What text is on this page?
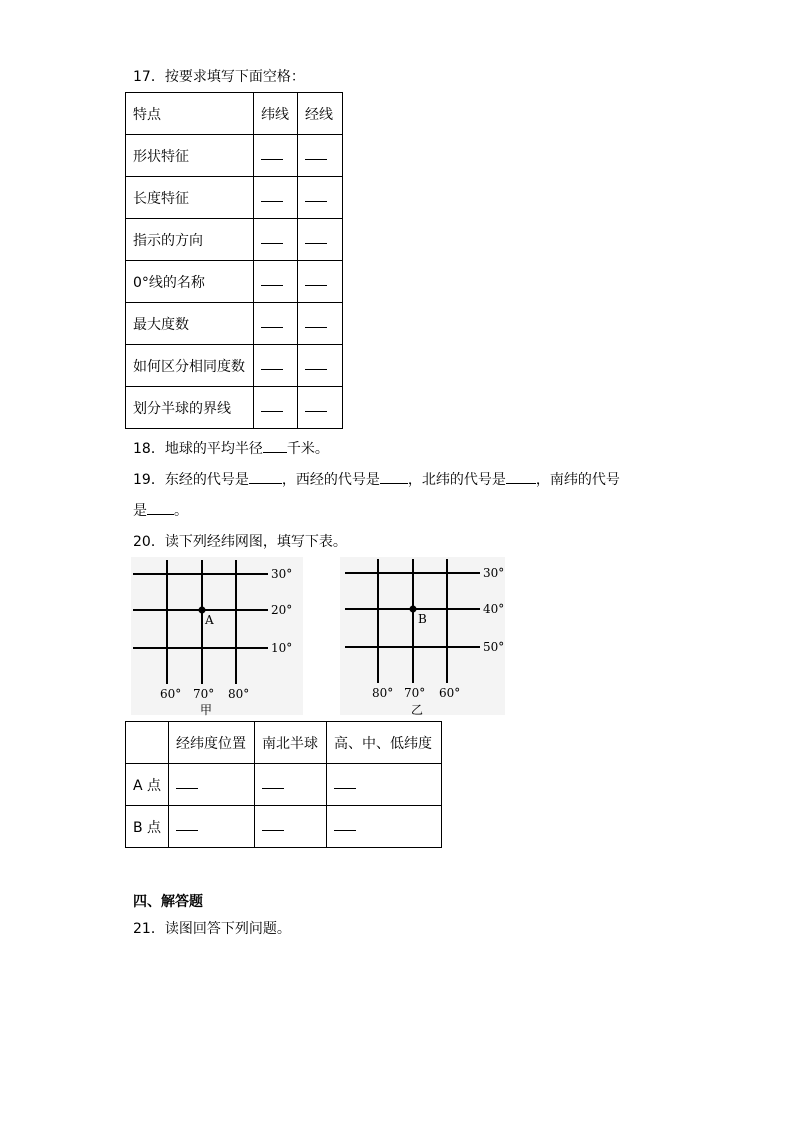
17．按要求填写下面空格：
特点	纬线	经线
形状特征		
长度特征		
指示的方向		
0°线的名称		
最大度数		
如何区分相同度数		
划分半球的界线		
18．地球的平均半径 千米。
19．东经的代号是 ，西经的代号是 ，北纬的代号是 ，南纬的代号
是 。
20．读下列经纬网图，填写下表。
A
30°
20°
10°
60° 70° 80°
甲
B
30°
40°
50°
80° 70° 60°
乙
	经纬度位置	南北半球	高、中、低纬度
A 点			
B 点			
四、解答题
21．读图回答下列问题。
